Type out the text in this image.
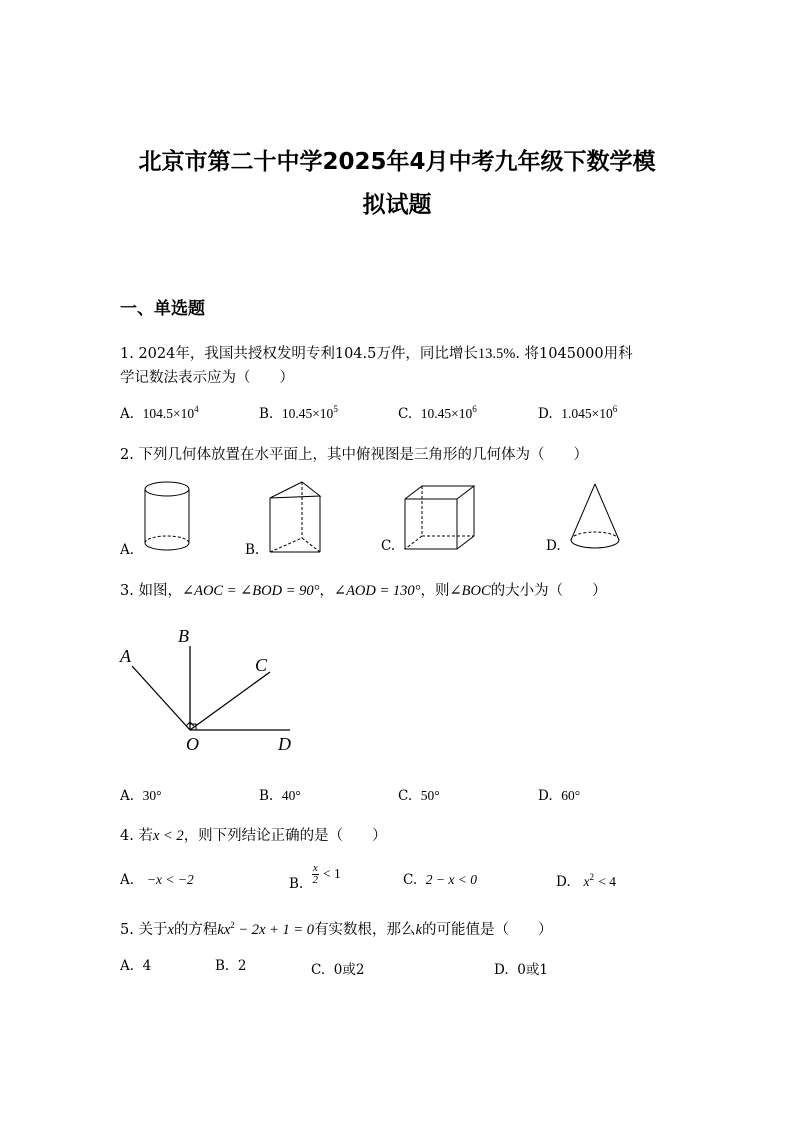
北京市第二十中学2025年4月中考九年级下数学模
拟试题
一、单选题
1. 2024年，我国共授权发明专利104.5万件，同比增长13.5%. 将1045000用科
学记数法表示应为（　　）
A. $104.5\times 10^4$	B. $10.45\times 10^5$	C. $10.45\times 10^6$	D. $1.045\times 10^6$
2. 下列几何体放置在水平面上，其中俯视图是三角形的几何体为（　　）
A.	B.	C.	D.
3. 如图，∠AOC = ∠BOD = 90°，∠AOD = 130°，则∠BOC的大小为（　　）
A
B
C
O	D
A. 30°	B. 40°	C. 50°	D. 60°
4. 若x < 2，则下列结论正确的是（　　）
A. −x < −2	B. $\frac{x}{2} < 1$	C. 2 − x < 0	D. $x^2 < 4$
5. 关于x的方程$kx^2 - 2x + 1 = 0$有实数根，那么k的可能值是（　　）
A. 4	B. 2	C. 0或2	D. 0或1
